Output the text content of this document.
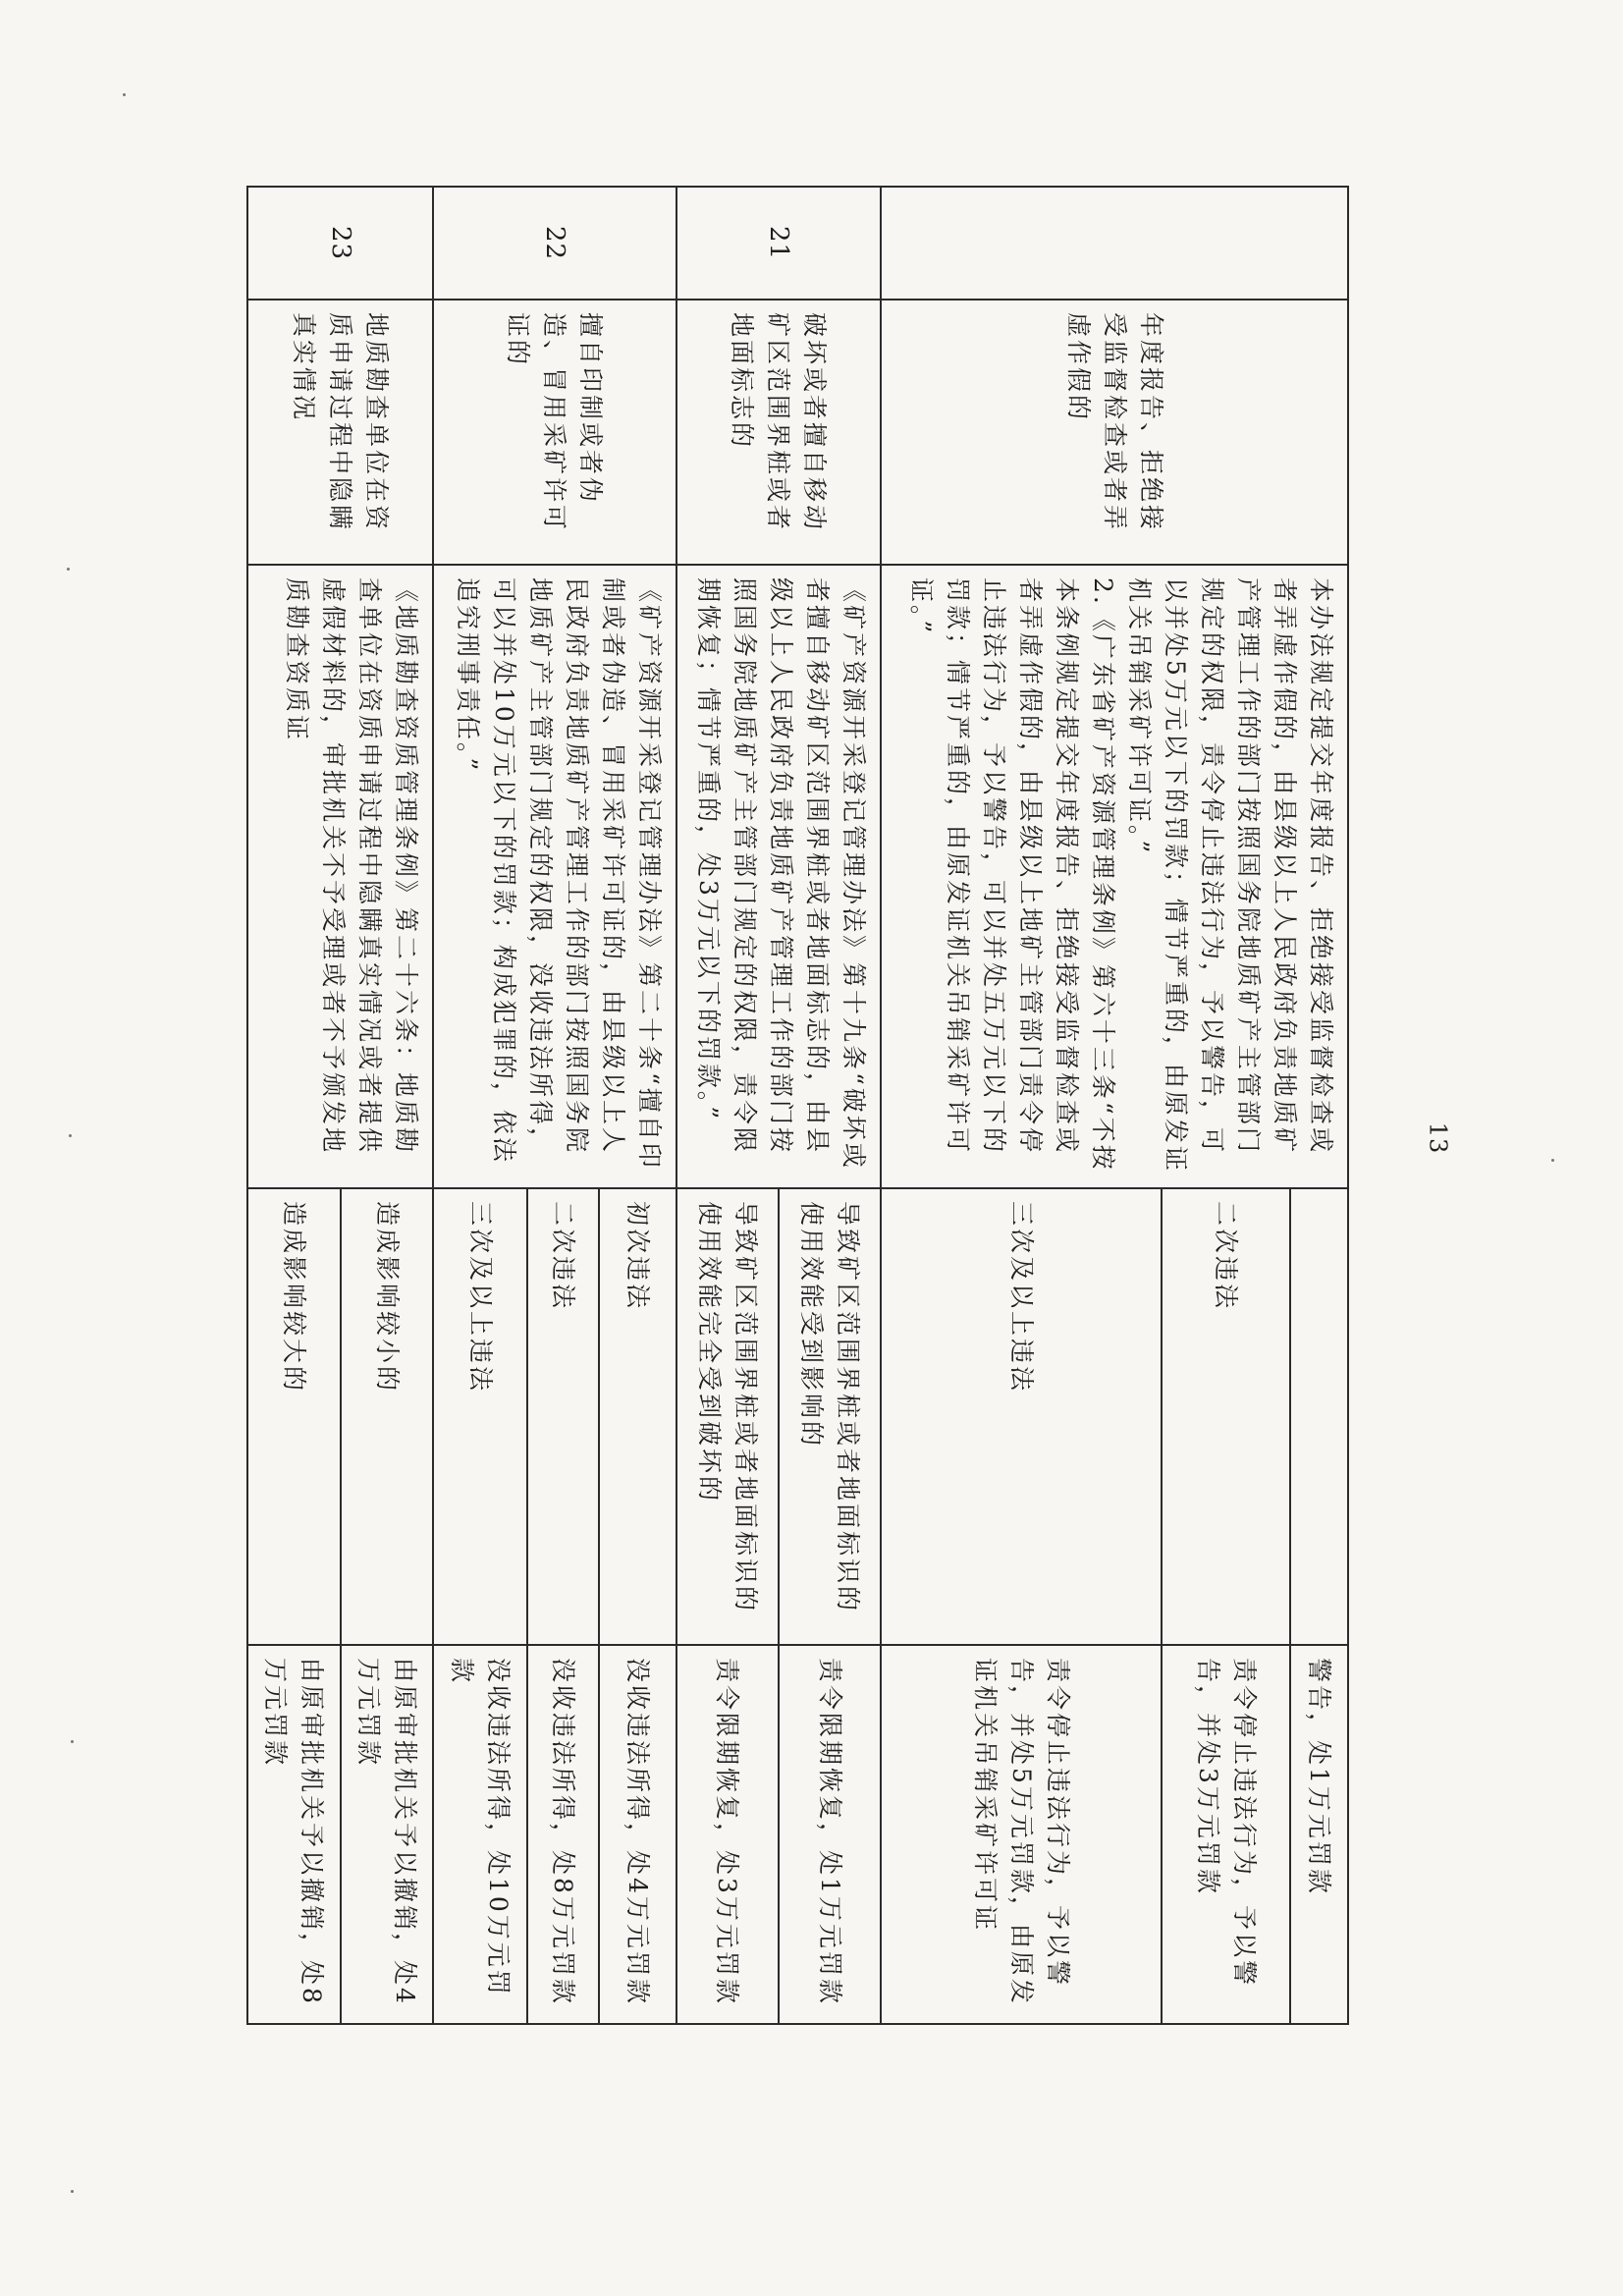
	年度报告、拒绝接受监督检查或者弄虚作假的	本办法规定提交年度报告、拒绝接受监督检查或者弄虚作假的，由县级以上人民政府负责地质矿产管理工作的部门按照国务院地质矿产主管部门规定的权限，责令停止违法行为，予以警告，可以并处5万元以下的罚款；情节严重的，由原发证机关吊销采矿许可证。”
2.《广东省矿产资源管理条例》第六十三条“不按本条例规定提交年度报告、拒绝接受监督检查或者弄虚作假的，由县级以上地矿主管部门责令停止违法行为，予以警告，可以并处五万元以下的罚款；情节严重的，由原发证机关吊销采矿许可证。”		警告，处1万元罚款
			二次违法	责令停止违法行为，予以警告，并处3万元罚款
			三次及以上违法	责令停止违法行为，予以警告，并处5万元罚款，由原发证机关吊销采矿许可证
21	破坏或者擅自移动矿区范围界桩或者地面标志的	《矿产资源开采登记管理办法》第十九条“破坏或者擅自移动矿区范围界桩或者地面标志的，由县级以上人民政府负责地质矿产管理工作的部门按照国务院地质矿产主管部门规定的权限，责令限期恢复；情节严重的，处3万元以下的罚款。”	导致矿区范围界桩或者地面标识的使用效能受到影响的	责令限期恢复，处1万元罚款
			导致矿区范围界桩或者地面标识的使用效能完全受到破坏的	责令限期恢复，处3万元罚款
22	擅自印制或者伪造、冒用采矿许可证的	《矿产资源开采登记管理办法》第二十条“擅自印制或者伪造、冒用采矿许可证的，由县级以上人民政府负责地质矿产管理工作的部门按照国务院地质矿产主管部门规定的权限，没收违法所得，可以并处10万元以下的罚款；构成犯罪的，依法追究刑事责任。”	初次违法	没收违法所得，处4万元罚款
			二次违法	没收违法所得，处8万元罚款
			三次及以上违法	没收违法所得，处10万元罚款
23	地质勘查单位在资质申请过程中隐瞒真实情况	《地质勘查资质管理条例》第二十六条：地质勘查单位在资质申请过程中隐瞒真实情况或者提供虚假材料的，审批机关不予受理或者不予颁发地质勘查资质证	造成影响较小的	由原审批机关予以撤销，处4万元罚款
			造成影响较大的	由原审批机关予以撤销，处8万元罚款
13
